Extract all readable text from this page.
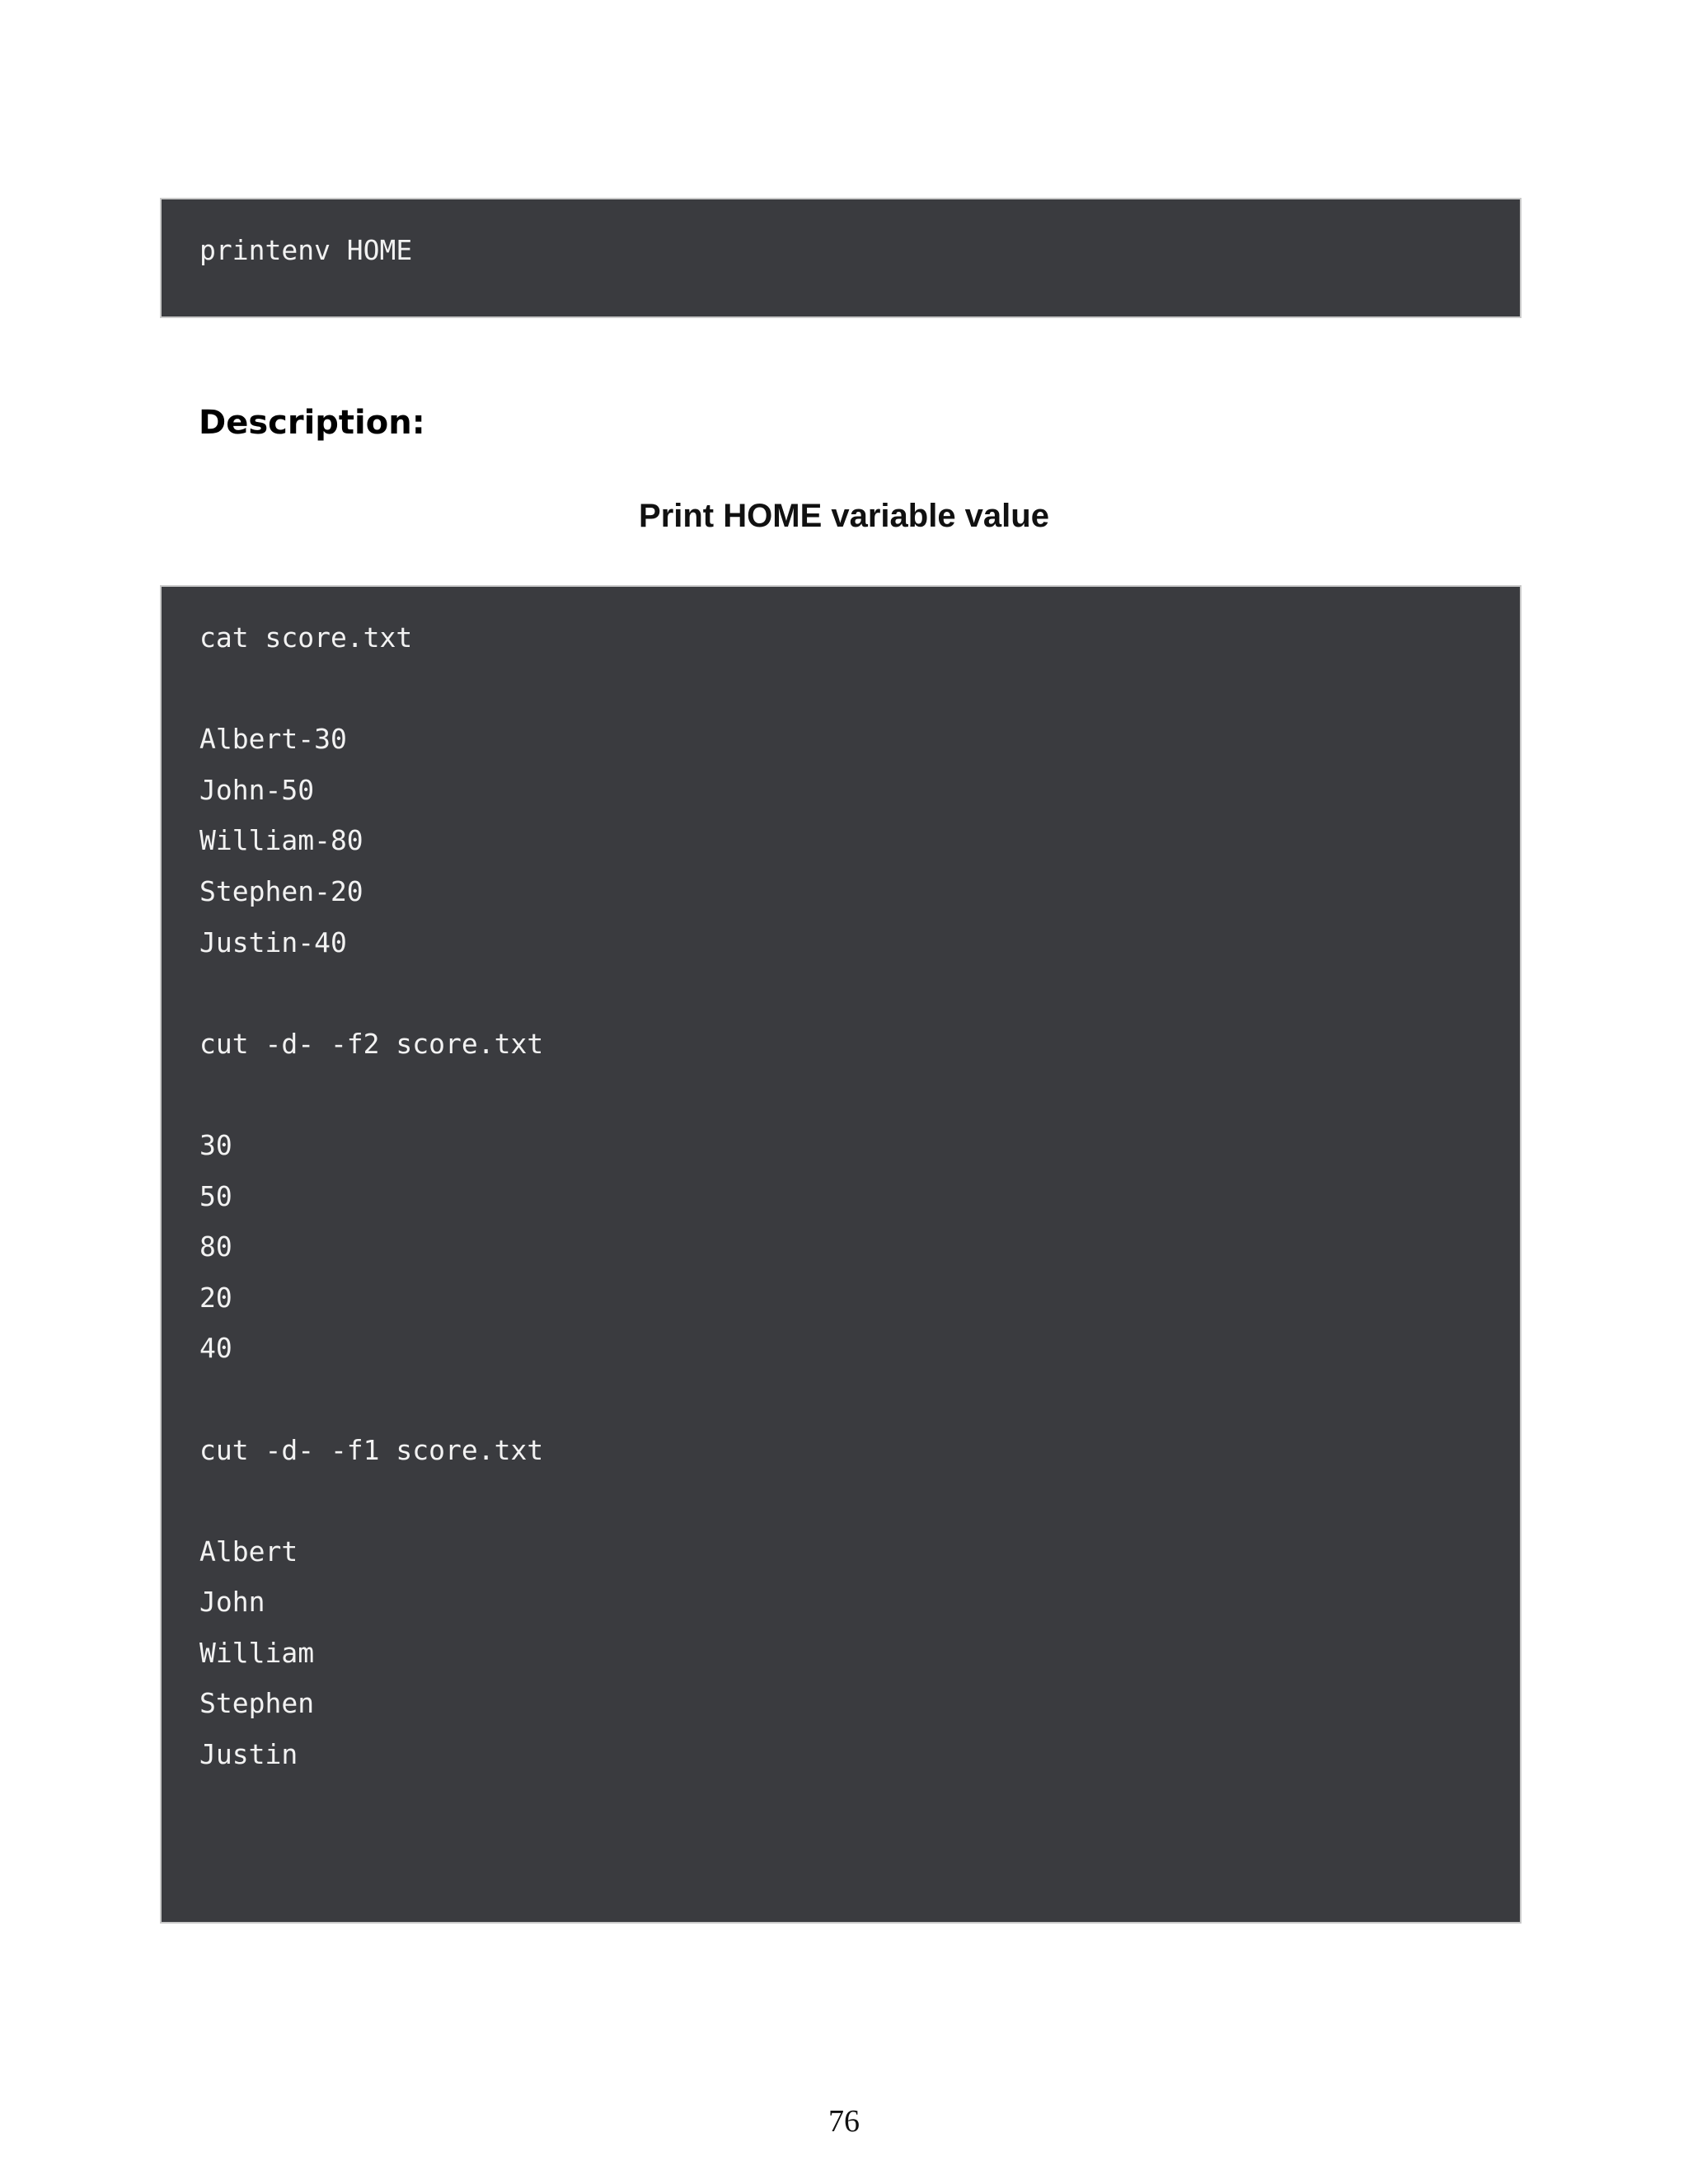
printenv HOME
Description:

Print HOME variable value

cat score.txt
Albert-30
John-50
William-80
Stephen-20
Justin-40
cut -d- -f2 score.txt
30
50
80
20
40
cut -d- -f1 score.txt
Albert
John
William
Stephen
Justin
76
